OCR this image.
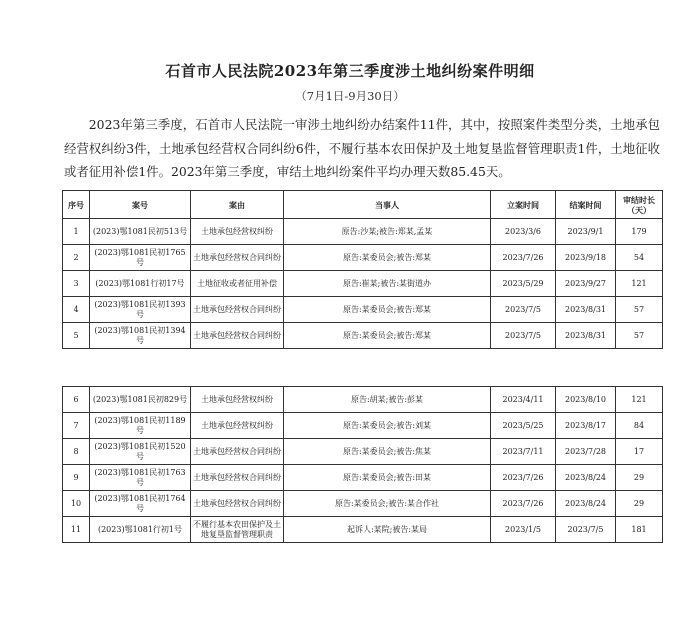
石首市人民法院2023年第三季度涉土地纠纷案件明细
（7月1日-9月30日）
2023年第三季度，石首市人民法院一审涉土地纠纷办结案件11件，其中，按照案件类型分类，土地承包经营权纠纷3件，土地承包经营权合同纠纷6件，不履行基本农田保护及土地复垦监督管理职责1件，土地征收或者征用补偿1件。2023年第三季度，审结土地纠纷案件平均办理天数85.45天。
序号	案号	案由	当事人	立案时间	结案时间	审结时长（天）
1	(2023)鄂1081民初513号	土地承包经营权纠纷	原告:沙某;被告:郑某,孟某	2023/3/6	2023/9/1	179
2	(2023)鄂1081民初1765号	土地承包经营权合同纠纷	原告:某委员会;被告:郑某	2023/7/26	2023/9/18	54
3	(2023)鄂1081行初17号	土地征收或者征用补偿	原告:崔某;被告:某街道办	2023/5/29	2023/9/27	121
4	(2023)鄂1081民初1393号	土地承包经营权合同纠纷	原告:某委员会;被告:郑某	2023/7/5	2023/8/31	57
5	(2023)鄂1081民初1394号	土地承包经营权合同纠纷	原告:某委员会;被告:郑某	2023/7/5	2023/8/31	57
6	(2023)鄂1081民初829号	土地承包经营权纠纷	原告:胡某;被告:彭某	2023/4/11	2023/8/10	121
7	(2023)鄂1081民初1189号	土地承包经营权纠纷	原告:某委员会;被告:刘某	2023/5/25	2023/8/17	84
8	(2023)鄂1081民初1520号	土地承包经营权合同纠纷	原告:某委员会;被告:焦某	2023/7/11	2023/7/28	17
9	(2023)鄂1081民初1763号	土地承包经营权合同纠纷	原告:某委员会;被告:田某	2023/7/26	2023/8/24	29
10	(2023)鄂1081民初1764号	土地承包经营权合同纠纷	原告:某委员会;被告:某合作社	2023/7/26	2023/8/24	29
11	(2023)鄂1081行初1号	不履行基本农田保护及土地复垦监督管理职责	起诉人:某院;被告:某局	2023/1/5	2023/7/5	181
